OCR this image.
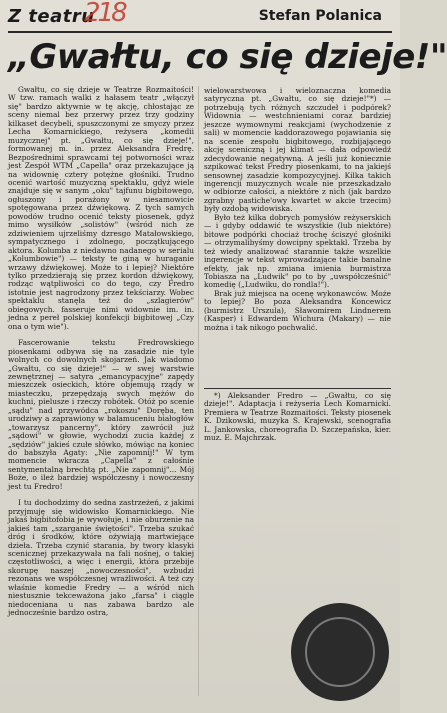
Z teatru
218	Stefan Polanica
„Gwałtu, co się dzieje!"

Gwałtu, co się dzieje w Teatrze Rozmaitości! W tzw. ramach walki z hałasem teatr „włączył się" bardzo aktywnie w tę akcję, chłostając ze sceny niemal bez przerwy przez trzy godziny kilkaset decybeli, spuszczonymi ze smyczy przez Lecha Komarnickiego, reżysera „komedii muzycznej" pt. „Gwałtu, co się dzieje!", formowanej m. in. przez Aleksandra Fredrę. Bezpośrednimi sprawcami tej potworności wraz jest Zespół WTM „Capella" oraz przekazujące ją na widownię cztery potężne głośniki. Trudno ocenić wartość muzyczną spektaklu, gdyż wiele znajduje się w sanym „oku" tajfunu bigbitowego, ogłuszony i porażony w niesamowicie spotęgowana przez dźwiękową. Z tych samych powodów trudno ocenić teksty piosenek, gdyż mimo wysiłków „solistów" (wśród nich ze zdziwieniem ujrzeliśmy dzresgo Matałowskiego, sympatycznego i zdolnego, początkującego aktora. Kolumba z niedawno nadanego w serialu „Kolumbowie") — teksty te giną w huraganie wrzawy dźwiękowej. Może to i lepiej? Niektóre tylko przedzierają się przez kordon dźwiękowy, rodząc wątpliwości co do tego, czy Fredro istotnie jest nagrodzony przez tekściarzy. Wobec spektaklu stanęła też do „szlagierów" obiegowych. fasseruje nimi widownie im. in. jedna z pereł polskiej konfekcji bigbitowej „Czy ona o tym wie").

Fascerowanie tekstu Fredrowskiego piosenkami odbywa się na zasadzie nie tyle wolnych co dowolnych skojarzeń. Jak wiadomo „Gwałtu, co się dzieje!" — w swej warstwie zewnętrznej — satyra „emancypacyjne" zapędy mieszczek osieckich, które objemują rządy w miasteczku, przepędzają swych mężów do kuchni, pielusze i rzeczy robótek. Otóż po scenie „sądu" nad przywódca „rokoszu" Doręba, ten urodziwy a zaprawiony w balamuceniu białogłów „towarzysz pancerny", który zawrócił już „sądowi" w głowie, wychodzi zucia każdej z „sędziów" jakieś czułe słówko, mówiąc na koniec do babszyła Agaty: „Nie zapomnij!" W tym momencie wkracza „Capella" z całośnie sentymentalną brechtą pt. „Nie zapomnij"... Mój Boże, o ileż bardziej współczesny i nowoczesny jest tu Fredro!

I tu dochodzimy do sedna zastrzeżeń, z jakimi przyjmuję się widowisko Komarnickiego. Nie jakaś bigbitofobia je wywołuje, i nie oburzenie na jakieś tam „szarganie świętości". Trzeba szukać dróg i środków, które ożywiają martwiejące dzieła. Trzeba czynić starania, by twory klasyki scenicznej przekazywała na fali nośnej, o takiej częstotliwości, a więc i energii, która przebije skorupę naszej „nowoczesności", wzbudzi rezonans we współczesnej wrażliwości. A też czy właśnie komedie Fredry — a wśród nich niestusznie tekceważona jako „farsa" i ciągle niedoceniana u nas zabawa bardzo ale jednocześnie bardzo ostra,

wielowarstwowa i wieloznaczna komedia satyryczna pt. „Gwałtu, co się dzieje!"*) — potrzebują tych różnych szczudeł i podpórek? Widownia — westchnieniami coraz bardziej jeszcze wymownymi reakcjami (wychodzenie z sali) w momencie kaddorazowego pojawiania się na scenie zespołu bigbitowego, rozbijającego akcję sceniczną i jej klimat — dała odpowiedź zdecydowanie negatywną. A jeśli już koniecznie szpikować tekst Fredry piosenkami, to na jakiejś sensownej zasadzie kompozycyjnej. Kilka takich ingerencji muzycznych wcale nie przeszkadzało w odbiorze całości, a niektóre z nich (jak bardzo zgrabny pastiche'owy kwartet w akcie trzecim) były ozdobą widowiska.

Było też kilka dobrych pomysłów reżyserskich — i gdyby oddawić te wszystkie (lub niektóre) bitowe podpórki chociaż trochę ściszyć głośniki — otrzymalibyśmy dowcipny spektakl. Trzeba by też wiedy analizować starannie także wszelkie ingerencje w tekst wprowadzające takie banalne efekty, jak np. zmiana imienia burmistrza Tobiasza na „Ludwik" po to by „uwspółcześnić" komedię („Ludwiku, do rondla!").

Brak już miejsca na ocenę wykonawców. Może to lepiej? Bo poza Aleksandra Koncewicz (burmistrz Urszula), Sławomirem Lindnerem (Kasper) i Edwardem Wichura (Makary) — nie można i tak nikogo pochwalić.

*) Aleksander Fredro — „Gwałtu, co się dzieje!". Adaptacja i reżyseria Lech Komarnicki. Premiera w Teatrze Rozmaitości. Teksty piosenek K. Dzikowski, muzyka S. Krajewski, scenografia L. Jankowska, choreografia D. Szczepańska, kier. muz. E. Majchrzak.
